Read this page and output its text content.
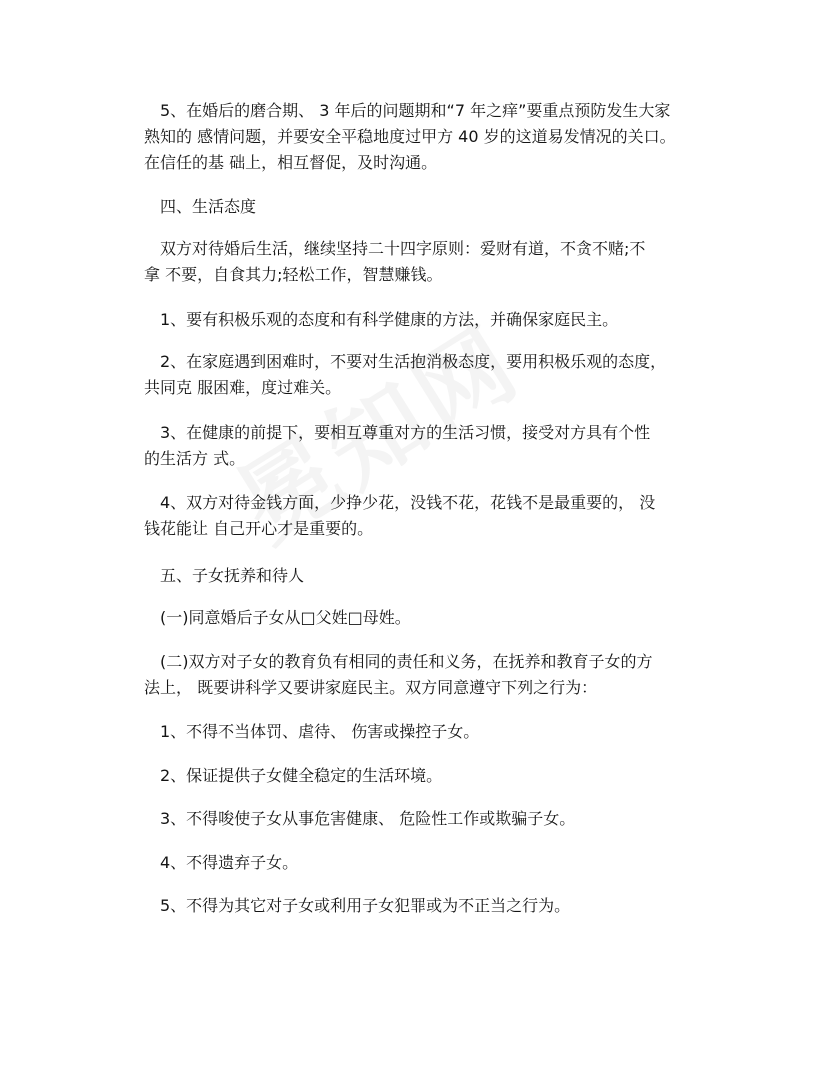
5、在婚后的磨合期、 3 年后的问题期和“7 年之痒”要重点预防发生大家
熟知的 感情问题，并要安全平稳地度过甲方 40 岁的这道易发情况的关口。
在信任的基 础上，相互督促，及时沟通。
四、生活态度
双方对待婚后生活，继续坚持二十四字原则：爱财有道，不贪不赌;不
拿 不要，自食其力;轻松工作，智慧赚钱。
1、要有积极乐观的态度和有科学健康的方法，并确保家庭民主。
2、在家庭遇到困难时，不要对生活抱消极态度，要用积极乐观的态度，
共同克 服困难，度过难关。
3、在健康的前提下，要相互尊重对方的生活习惯，接受对方具有个性
的生活方 式。
4、双方对待金钱方面，少挣少花，没钱不花，花钱不是最重要的， 没
钱花能让 自己开心才是重要的。
五、子女抚养和待人
(一)同意婚后子女从□父姓□母姓。
(二)双方对子女的教育负有相同的责任和义务，在抚养和教育子女的方
法上， 既要讲科学又要讲家庭民主。双方同意遵守下列之行为：
1、不得不当体罚、虐待、 伤害或操控子女。
2、保证提供子女健全稳定的生活环境。
3、不得唆使子女从事危害健康、 危险性工作或欺骗子女。
4、不得遗弃子女。
5、不得为其它对子女或利用子女犯罪或为不正当之行为。
